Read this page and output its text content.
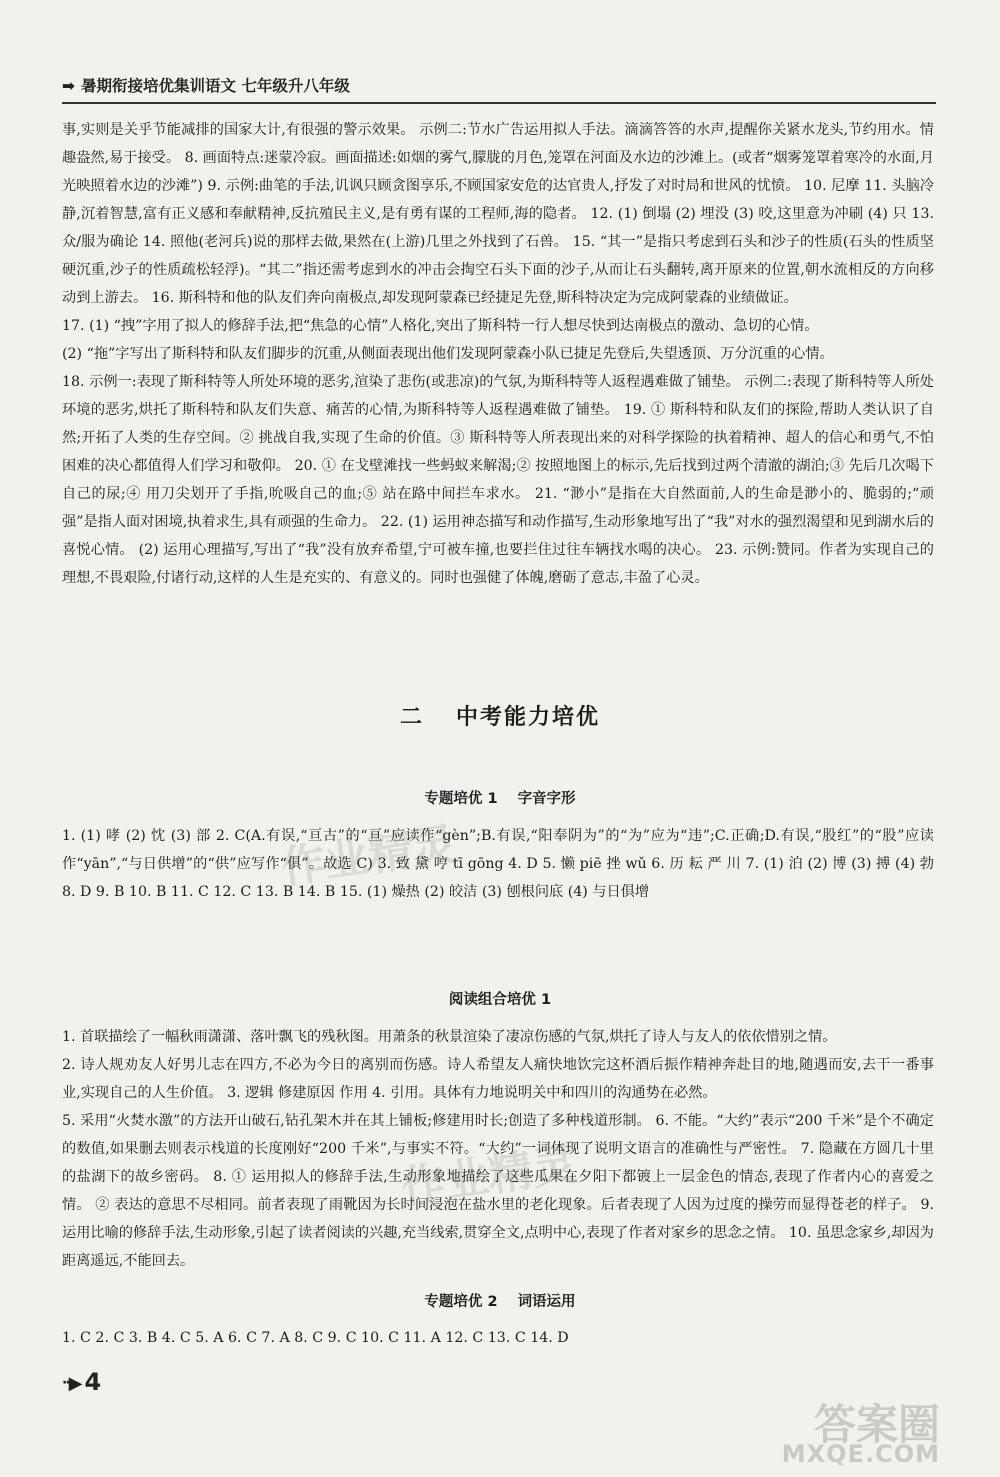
➡ 暑期衔接培优集训语文 七年级升八年级

事,实则是关乎节能减排的国家大计,有很强的警示效果。 示例二:节水广告运用拟人手法。滴滴答答的水声,提醒你关紧水龙头,节约用水。情趣盎然,易于接受。 8. 画面特点:迷蒙冷寂。画面描述:如烟的雾气,朦胧的月色,笼罩在河面及水边的沙滩上。(或者“烟雾笼罩着寒冷的水面,月光映照着水边的沙滩”) 9. 示例:曲笔的手法,讥讽只顾贪图享乐,不顾国家安危的达官贵人,抒发了对时局和世风的忧愤。 10. 尼摩 11. 头脑冷静,沉着智慧,富有正义感和奉献精神,反抗殖民主义,是有勇有谋的工程师,海的隐者。 12. (1) 倒塌 (2) 埋没 (3) 咬,这里意为冲刷 (4) 只 13. 众/服为确论 14. 照他(老河兵)说的那样去做,果然在(上游)几里之外找到了石兽。 15. “其一”是指只考虑到石头和沙子的性质(石头的性质坚硬沉重,沙子的性质疏松轻浮)。“其二”指还需考虑到水的冲击会掏空石头下面的沙子,从而让石头翻转,离开原来的位置,朝水流相反的方向移动到上游去。 16. 斯科特和他的队友们奔向南极点,却发现阿蒙森已经捷足先登,斯科特决定为完成阿蒙森的业绩做证。

17. (1) “拽”字用了拟人的修辞手法,把“焦急的心情”人格化,突出了斯科特一行人想尽快到达南极点的激动、急切的心情。

(2) “拖”字写出了斯科特和队友们脚步的沉重,从侧面表现出他们发现阿蒙森小队已捷足先登后,失望透顶、万分沉重的心情。

18. 示例一:表现了斯科特等人所处环境的恶劣,渲染了悲伤(或悲凉)的气氛,为斯科特等人返程遇难做了铺垫。 示例二:表现了斯科特等人所处环境的恶劣,烘托了斯科特和队友们失意、痛苦的心情,为斯科特等人返程遇难做了铺垫。 19. ① 斯科特和队友们的探险,帮助人类认识了自然;开拓了人类的生存空间。② 挑战自我,实现了生命的价值。③ 斯科特等人所表现出来的对科学探险的执着精神、超人的信心和勇气,不怕困难的决心都值得人们学习和敬仰。 20. ① 在戈壁滩找一些蚂蚁来解渴;② 按照地图上的标示,先后找到过两个清澈的湖泊;③ 先后几次喝下自己的尿;④ 用刀尖划开了手指,吮吸自己的血;⑤ 站在路中间拦车求水。 21. “渺小”是指在大自然面前,人的生命是渺小的、脆弱的;“顽强”是指人面对困境,执着求生,具有顽强的生命力。 22. (1) 运用神态描写和动作描写,生动形象地写出了“我”对水的强烈渴望和见到湖水后的喜悦心情。 (2) 运用心理描写,写出了“我”没有放弃希望,宁可被车撞,也要拦住过往车辆找水喝的决心。 23. 示例:赞同。作者为实现自己的理想,不畏艰险,付诸行动,这样的人生是充实的、有意义的。同时也强健了体魄,磨砺了意志,丰盈了心灵。

二 中考能力培优
专题培优 1 字音字形

1. (1) 哮 (2) 忱 (3) 部 2. C(A.有误,“亘古”的“亘”应读作“gèn”;B.有误,“阳奉阴为”的“为”应为“违”;C.正确;D.有误,“股红”的“股”应读作“yān”,“与日供增”的“供”应写作“俱”。故选 C) 3. 致 黛 哼 tī gōng 4. D 5. 懒 piē 挫 wǔ 6. 历 耘 严 川 7. (1) 泊 (2) 博 (3) 搏 (4) 勃 8. D 9. B 10. B 11. C 12. C 13. B 14. B 15. (1) 燥热 (2) 皎洁 (3) 刨根问底 (4) 与日俱增

阅读组合培优 1

1. 首联描绘了一幅秋雨潇潇、落叶飘飞的残秋图。用萧条的秋景渲染了凄凉伤感的气氛,烘托了诗人与友人的依依惜别之情。

2. 诗人规劝友人好男儿志在四方,不必为今日的离别而伤感。诗人希望友人痛快地饮完这杯酒后振作精神奔赴目的地,随遇而安,去干一番事业,实现自己的人生价值。 3. 逻辑 修建原因 作用 4. 引用。具体有力地说明关中和四川的沟通势在必然。

5. 采用“火焚水激”的方法开山破石,钻孔架木并在其上铺板;修建用时长;创造了多种栈道形制。 6. 不能。“大约”表示“200 千米”是个不确定的数值,如果删去则表示栈道的长度刚好“200 千米”,与事实不符。“大约”一词体现了说明文语言的准确性与严密性。 7. 隐藏在方圆几十里的盐湖下的故乡密码。 8. ① 运用拟人的修辞手法,生动形象地描绘了这些瓜果在夕阳下都镀上一层金色的情态,表现了作者内心的喜爱之情。 ② 表达的意思不尽相同。前者表现了雨靴因为长时间浸泡在盐水里的老化现象。后者表现了人因为过度的操劳而显得苍老的样子。 9. 运用比喻的修辞手法,生动形象,引起了读者阅读的兴趣,充当线索,贯穿全文,点明中心,表现了作者对家乡的思念之情。 10. 虽思念家乡,却因为距离遥远,不能回去。

专题培优 2 词语运用

1. C 2. C 3. B 4. C 5. A 6. C 7. A 8. C 9. C 10. C 11. A 12. C 13. C 14. D

··▶4
作业精灵
作业精灵
答案圈
MXQE.COM
